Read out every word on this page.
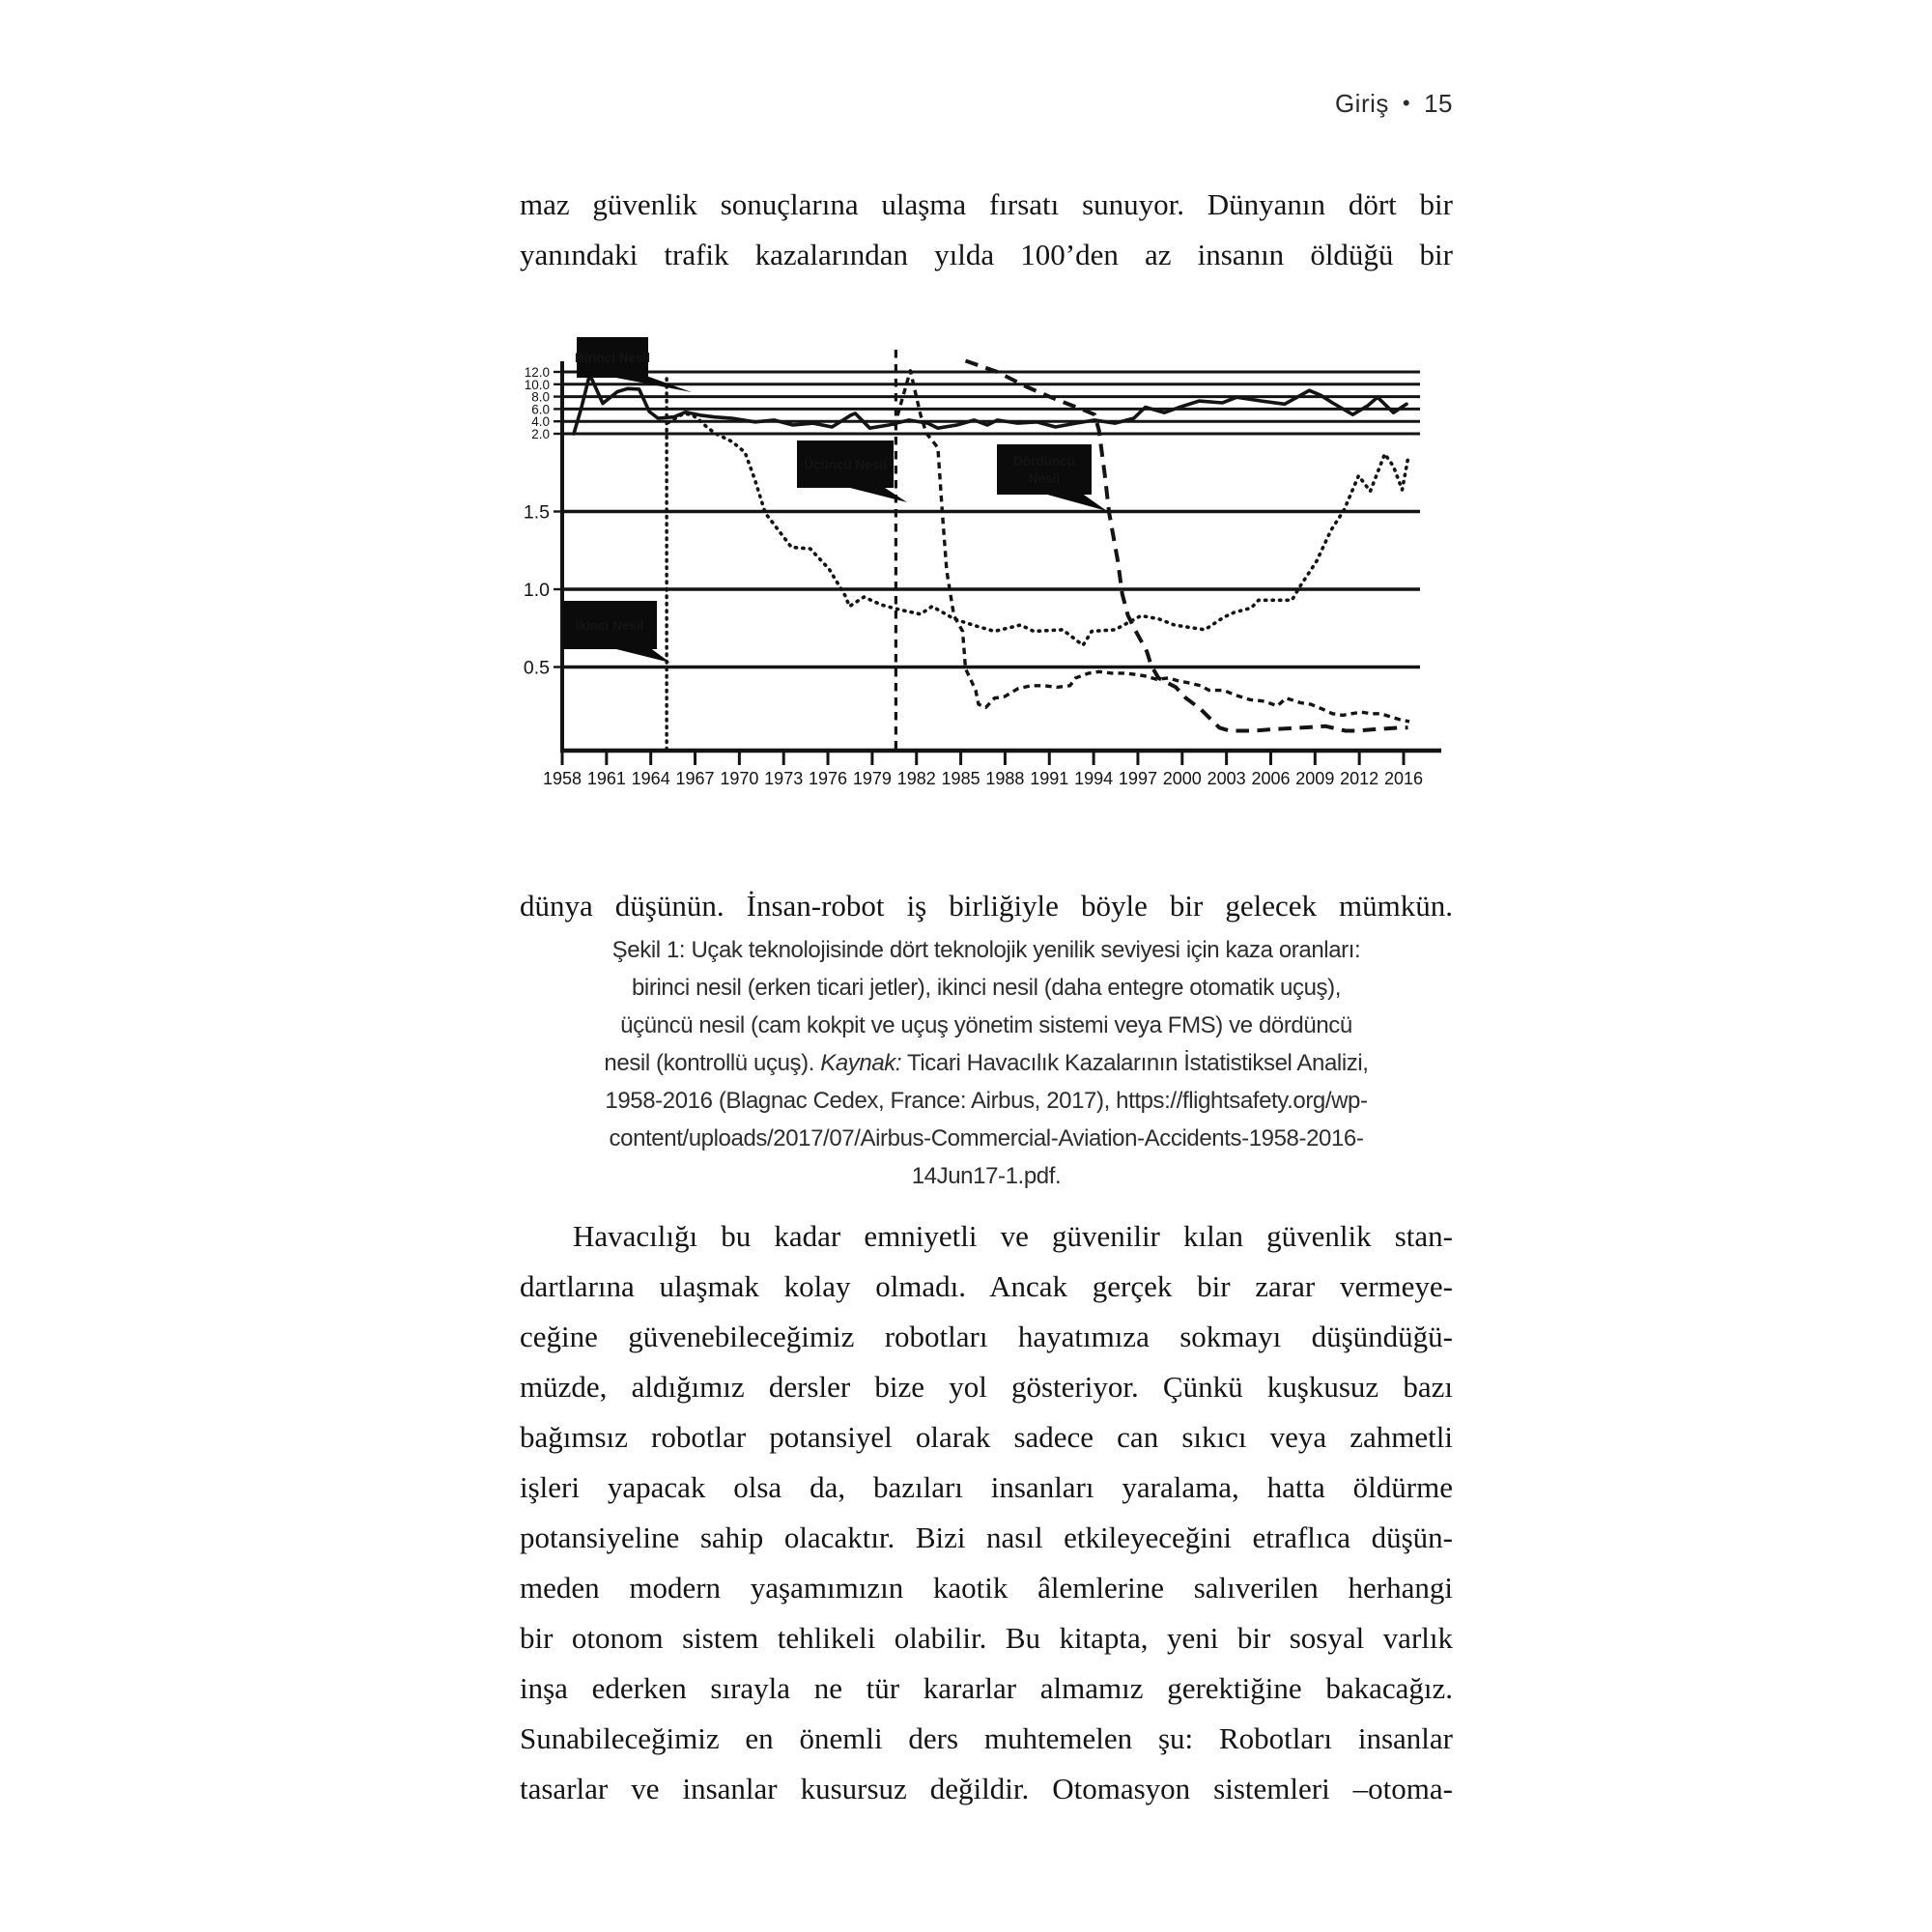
Giriş • 15
maz güvenlik sonuçlarına ulaşma fırsatı sunuyor. Dünyanın dört bir
yanındaki trafik kazalarından yılda 100’den az insanın öldüğü bir
12.0
10.0
8.0
6.0
4.0
2.0
1.5
1.0
0.5
1958 1961 1964 1967 1970 1973 1976 1979 1982 1985 1988 1991 1994 1997 2000 2003 2006 2009 2012 2016
Birinci Nesil
İkinci Nesil
Üçüncü Nesil	Dördüncü
Nesil
dünya düşünün. İnsan-robot iş birliğiyle böyle bir gelecek mümkün.
Şekil 1: Uçak teknolojisinde dört teknolojik yenilik seviyesi için kaza oranları:
birinci nesil (erken ticari jetler), ikinci nesil (daha entegre otomatik uçuş),
üçüncü nesil (cam kokpit ve uçuş yönetim sistemi veya FMS) ve dördüncü
nesil (kontrollü uçuş). Kaynak: Ticari Havacılık Kazalarının İstatistiksel Analizi,
1958-2016 (Blagnac Cedex, France: Airbus, 2017), https://flightsafety.org/wp-
content/uploads/2017/07/Airbus-Commercial-Aviation-Accidents-1958-2016-
14Jun17-1.pdf.
Havacılığı bu kadar emniyetli ve güvenilir kılan güvenlik stan-
dartlarına ulaşmak kolay olmadı. Ancak gerçek bir zarar vermeye-
ceğine güvenebileceğimiz robotları hayatımıza sokmayı düşündüğü-
müzde, aldığımız dersler bize yol gösteriyor. Çünkü kuşkusuz bazı
bağımsız robotlar potansiyel olarak sadece can sıkıcı veya zahmetli
işleri yapacak olsa da, bazıları insanları yaralama, hatta öldürme
potansiyeline sahip olacaktır. Bizi nasıl etkileyeceğini etraflıca düşün-
meden modern yaşamımızın kaotik âlemlerine salıverilen herhangi
bir otonom sistem tehlikeli olabilir. Bu kitapta, yeni bir sosyal varlık
inşa ederken sırayla ne tür kararlar almamız gerektiğine bakacağız.
Sunabileceğimiz en önemli ders muhtemelen şu: Robotları insanlar
tasarlar ve insanlar kusursuz değildir. Otomasyon sistemleri –otoma-
